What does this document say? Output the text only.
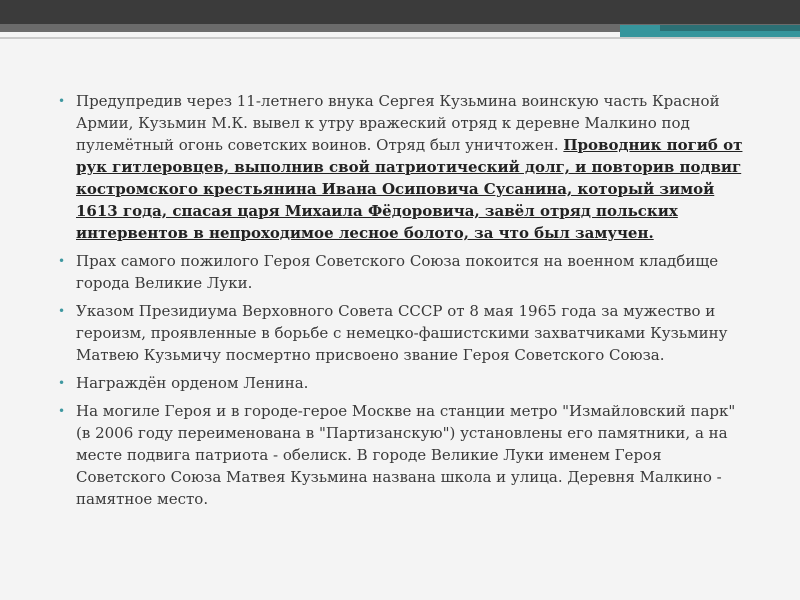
• Предупредив через 11-летнего внука Сергея Кузьмина воинскую часть Красной Армии, Кузьмин М.К. вывел к утру вражеский отряд к деревне Малкино под пулемётный огонь советских воинов. Отряд был уничтожен. Проводник погиб от рук гитлеровцев, выполнив свой патриотический долг, и повторив подвиг костромского крестьянина Ивана Осиповича Сусанина, который зимой 1613 года, спасая царя Михаила Фёдоровича, завёл отряд польских интервентов в непроходимое лесное болото, за что был замучен.
• Прах самого пожилого Героя Советского Союза покоится на военном кладбище города Великие Луки.
• Указом Президиума Верховного Совета СССР от 8 мая 1965 года за мужество и героизм, проявленные в борьбе с немецко-фашистскими захватчиками Кузьмину Матвею Кузьмичу посмертно присвоено звание Героя Советского Союза.
• Награждён орденом Ленина.
• На могиле Героя и в городе-герое Москве на станции метро "Измайловский парк" (в 2006 году переименована в "Партизанскую") установлены его памятники, а на месте подвига патриота - обелиск. В городе Великие Луки именем Героя Советского Союза Матвея Кузьмина названа школа и улица. Деревня Малкино - памятное место.
